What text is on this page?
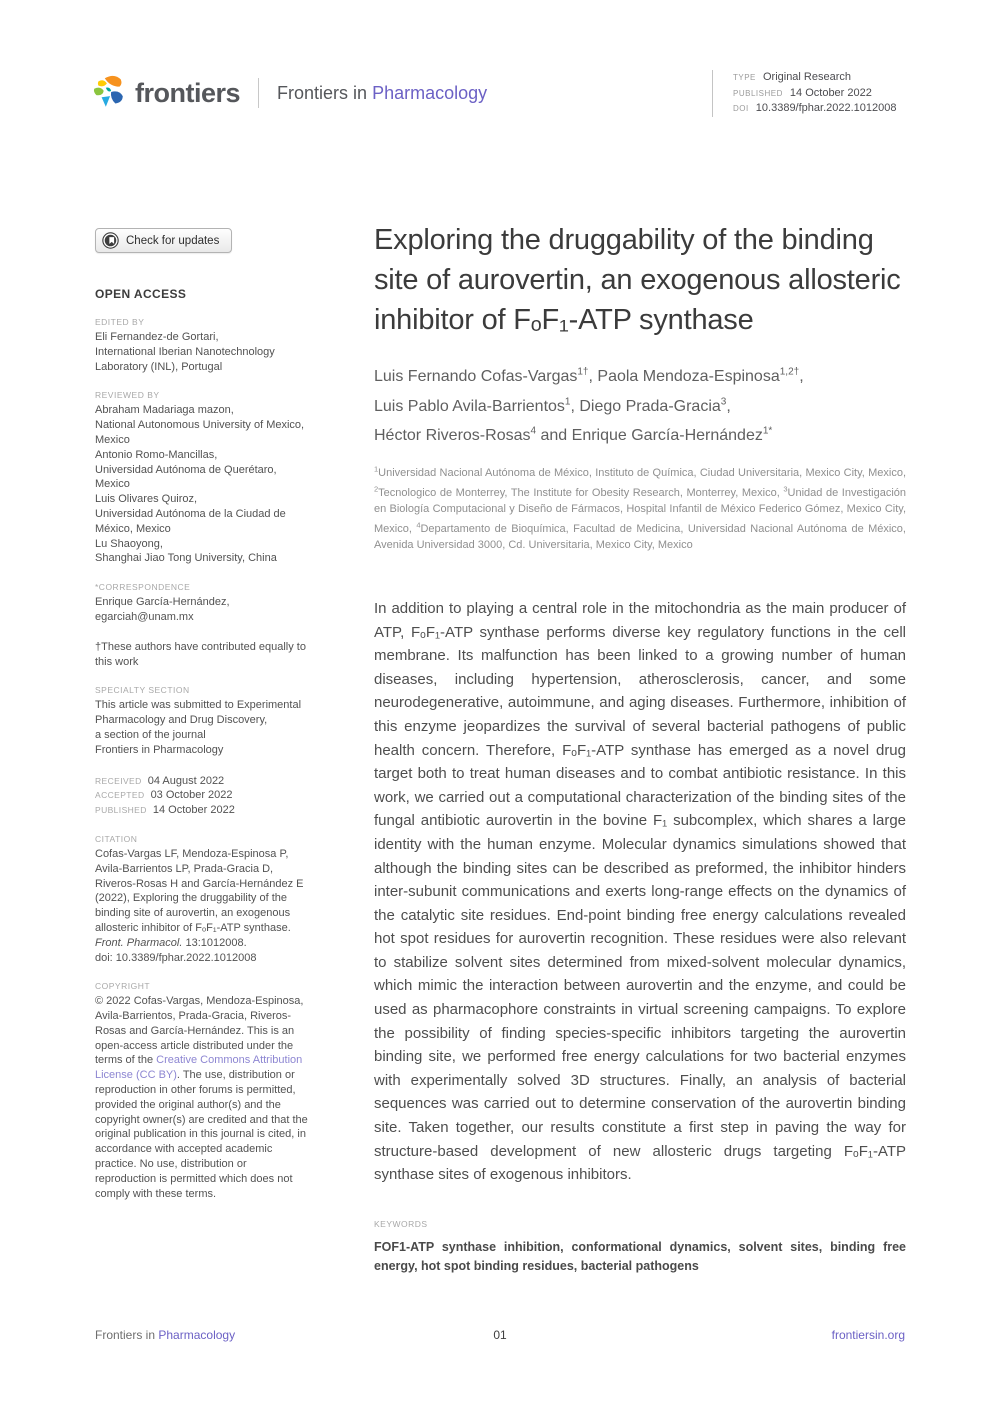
frontiers Frontiers in Pharmacology
TYPE Original Research
PUBLISHED 14 October 2022
DOI 10.3389/fphar.2022.1012008
Check for updates
OPEN ACCESS
EDITED BY
Eli Fernandez-de Gortari,
International Iberian Nanotechnology Laboratory (INL), Portugal
REVIEWED BY
Abraham Madariaga mazon,
National Autonomous University of Mexico, Mexico
Antonio Romo-Mancillas,
Universidad Autónoma de Querétaro, Mexico
Luis Olivares Quiroz,
Universidad Autónoma de la Ciudad de México, Mexico
Lu Shaoyong,
Shanghai Jiao Tong University, China
*CORRESPONDENCE
Enrique García-Hernández,
egarciah@unam.mx
†These authors have contributed equally to this work
SPECIALTY SECTION
This article was submitted to Experimental Pharmacology and Drug Discovery,
a section of the journal
Frontiers in Pharmacology
RECEIVED 04 August 2022
ACCEPTED 03 October 2022
PUBLISHED 14 October 2022
CITATION
Cofas-Vargas LF, Mendoza-Espinosa P, Avila-Barrientos LP, Prada-Gracia D, Riveros-Rosas H and García-Hernández E (2022), Exploring the druggability of the binding site of aurovertin, an exogenous allosteric inhibitor of FₒF₁-ATP synthase.
Front. Pharmacol. 13:1012008.
doi: 10.3389/fphar.2022.1012008
COPYRIGHT
© 2022 Cofas-Vargas, Mendoza-Espinosa, Avila-Barrientos, Prada-Gracia, Riveros-Rosas and García-Hernández. This is an open-access article distributed under the terms of the Creative Commons Attribution License (CC BY). The use, distribution or reproduction in other forums is permitted, provided the original author(s) and the copyright owner(s) are credited and that the original publication in this journal is cited, in accordance with accepted academic practice. No use, distribution or reproduction is permitted which does not comply with these terms.
Exploring the druggability of the binding site of aurovertin, an exogenous allosteric inhibitor of FₒF₁-ATP synthase
Luis Fernando Cofas-Vargas$^{1\dagger}$, Paola Mendoza-Espinosa$^{1,2\dagger}$,
Luis Pablo Avila-Barrientos$^1$, Diego Prada-Gracia$^3$,
Héctor Riveros-Rosas$^4$ and Enrique García-Hernández$^{1*}$
$^1$Universidad Nacional Autónoma de México, Instituto de Química, Ciudad Universitaria, Mexico City, Mexico, $^2$Tecnologico de Monterrey, The Institute for Obesity Research, Monterrey, Mexico, $^3$Unidad de Investigación en Biología Computacional y Diseño de Fármacos, Hospital Infantil de México Federico Gómez, Mexico City, Mexico, $^4$Departamento de Bioquímica, Facultad de Medicina, Universidad Nacional Autónoma de México, Avenida Universidad 3000, Cd. Universitaria, Mexico City, Mexico

In addition to playing a central role in the mitochondria as the main producer of ATP, FₒF₁-ATP synthase performs diverse key regulatory functions in the cell membrane. Its malfunction has been linked to a growing number of human diseases, including hypertension, atherosclerosis, cancer, and some neurodegenerative, autoimmune, and aging diseases. Furthermore, inhibition of this enzyme jeopardizes the survival of several bacterial pathogens of public health concern. Therefore, FₒF₁-ATP synthase has emerged as a novel drug target both to treat human diseases and to combat antibiotic resistance. In this work, we carried out a computational characterization of the binding sites of the fungal antibiotic aurovertin in the bovine F₁ subcomplex, which shares a large identity with the human enzyme. Molecular dynamics simulations showed that although the binding sites can be described as preformed, the inhibitor hinders inter-subunit communications and exerts long-range effects on the dynamics of the catalytic site residues. End-point binding free energy calculations revealed hot spot residues for aurovertin recognition. These residues were also relevant to stabilize solvent sites determined from mixed-solvent molecular dynamics, which mimic the interaction between aurovertin and the enzyme, and could be used as pharmacophore constraints in virtual screening campaigns. To explore the possibility of finding species-specific inhibitors targeting the aurovertin binding site, we performed free energy calculations for two bacterial enzymes with experimentally solved 3D structures. Finally, an analysis of bacterial sequences was carried out to determine conservation of the aurovertin binding site. Taken together, our results constitute a first step in paving the way for structure-based development of new allosteric drugs targeting FₒF₁-ATP synthase sites of exogenous inhibitors.

KEYWORDS

FOF1-ATP synthase inhibition, conformational dynamics, solvent sites, binding free energy, hot spot binding residues, bacterial pathogens

Frontiers in Pharmacology	01	frontiersin.org
